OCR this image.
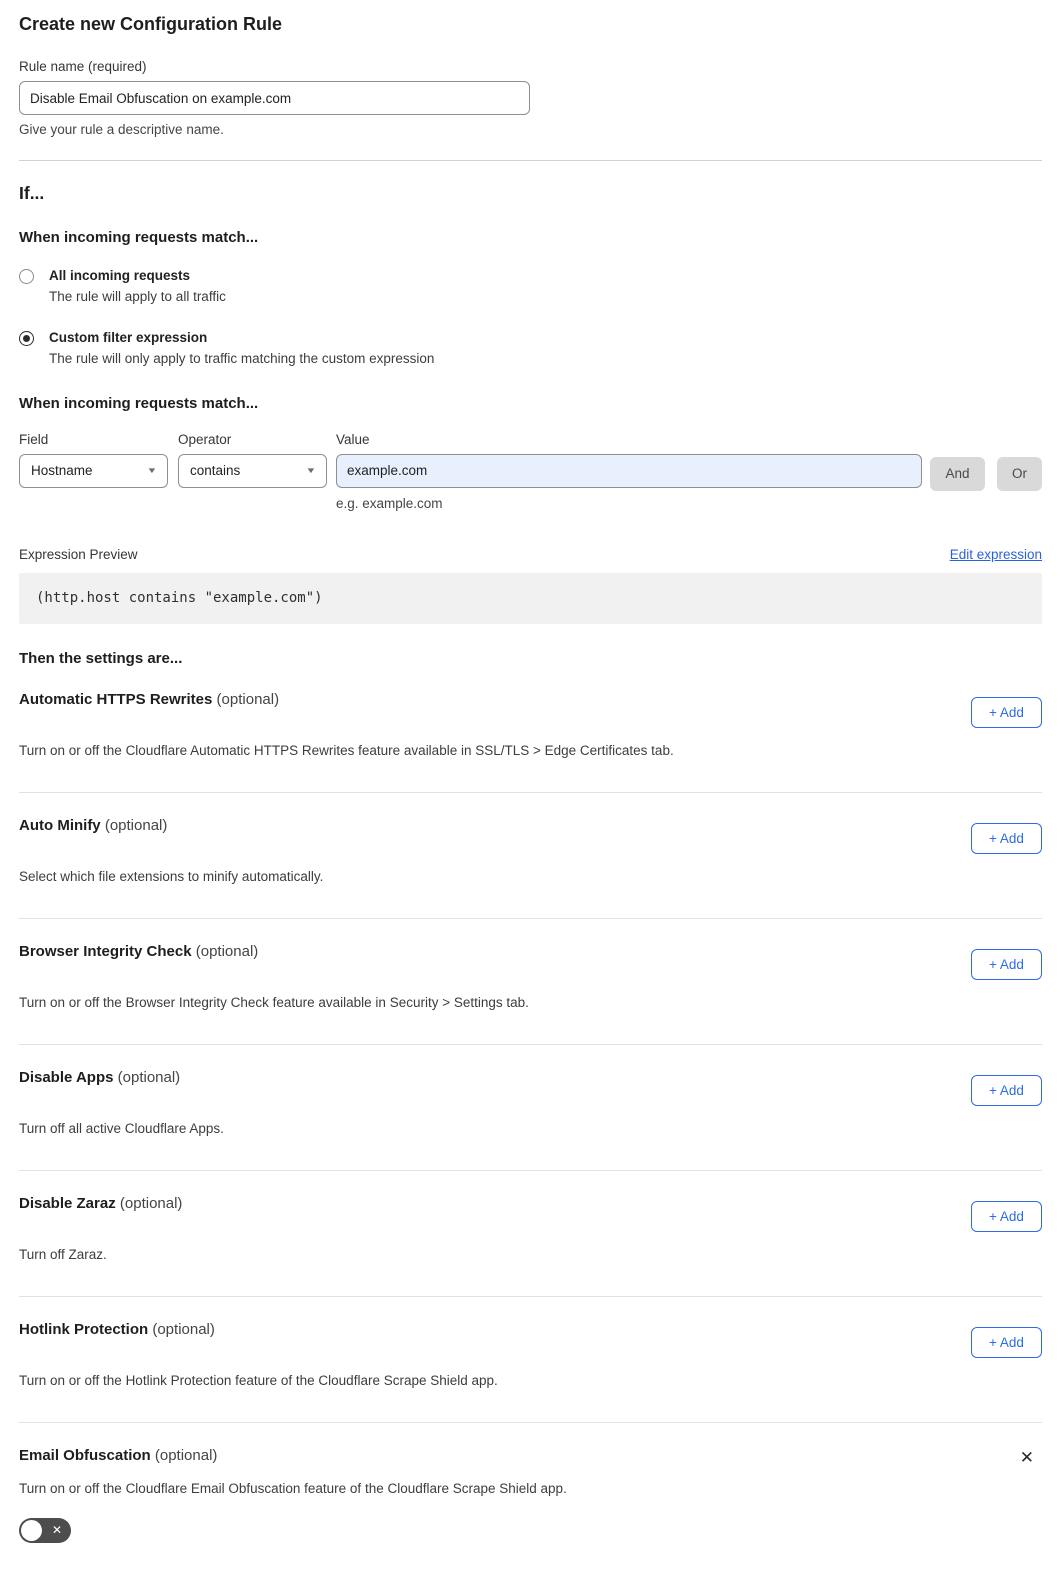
Create new Configuration Rule
Rule name (required)
Disable Email Obfuscation on example.com
Give your rule a descriptive name.
If...
When incoming requests match...
All incoming requests
The rule will apply to all traffic
Custom filter expression
The rule will only apply to traffic matching the custom expression
When incoming requests match...
Field
Hostname	▼
Operator
contains	▼
Value
example.com
e.g. example.com
And	Or
Expression Preview	Edit expression
(http.host contains "example.com")
Then the settings are...
Automatic HTTPS Rewrites (optional)
+ Add
Turn on or off the Cloudflare Automatic HTTPS Rewrites feature available in SSL/TLS > Edge Certificates tab.
Auto Minify (optional)
+ Add
Select which file extensions to minify automatically.
Browser Integrity Check (optional)
+ Add
Turn on or off the Browser Integrity Check feature available in Security > Settings tab.
Disable Apps (optional)
+ Add
Turn off all active Cloudflare Apps.
Disable Zaraz (optional)
+ Add
Turn off Zaraz.
Hotlink Protection (optional)
+ Add
Turn on or off the Hotlink Protection feature of the Cloudflare Scrape Shield app.
Email Obfuscation (optional)	✕
Turn on or off the Cloudflare Email Obfuscation feature of the Cloudflare Scrape Shield app.
✕
